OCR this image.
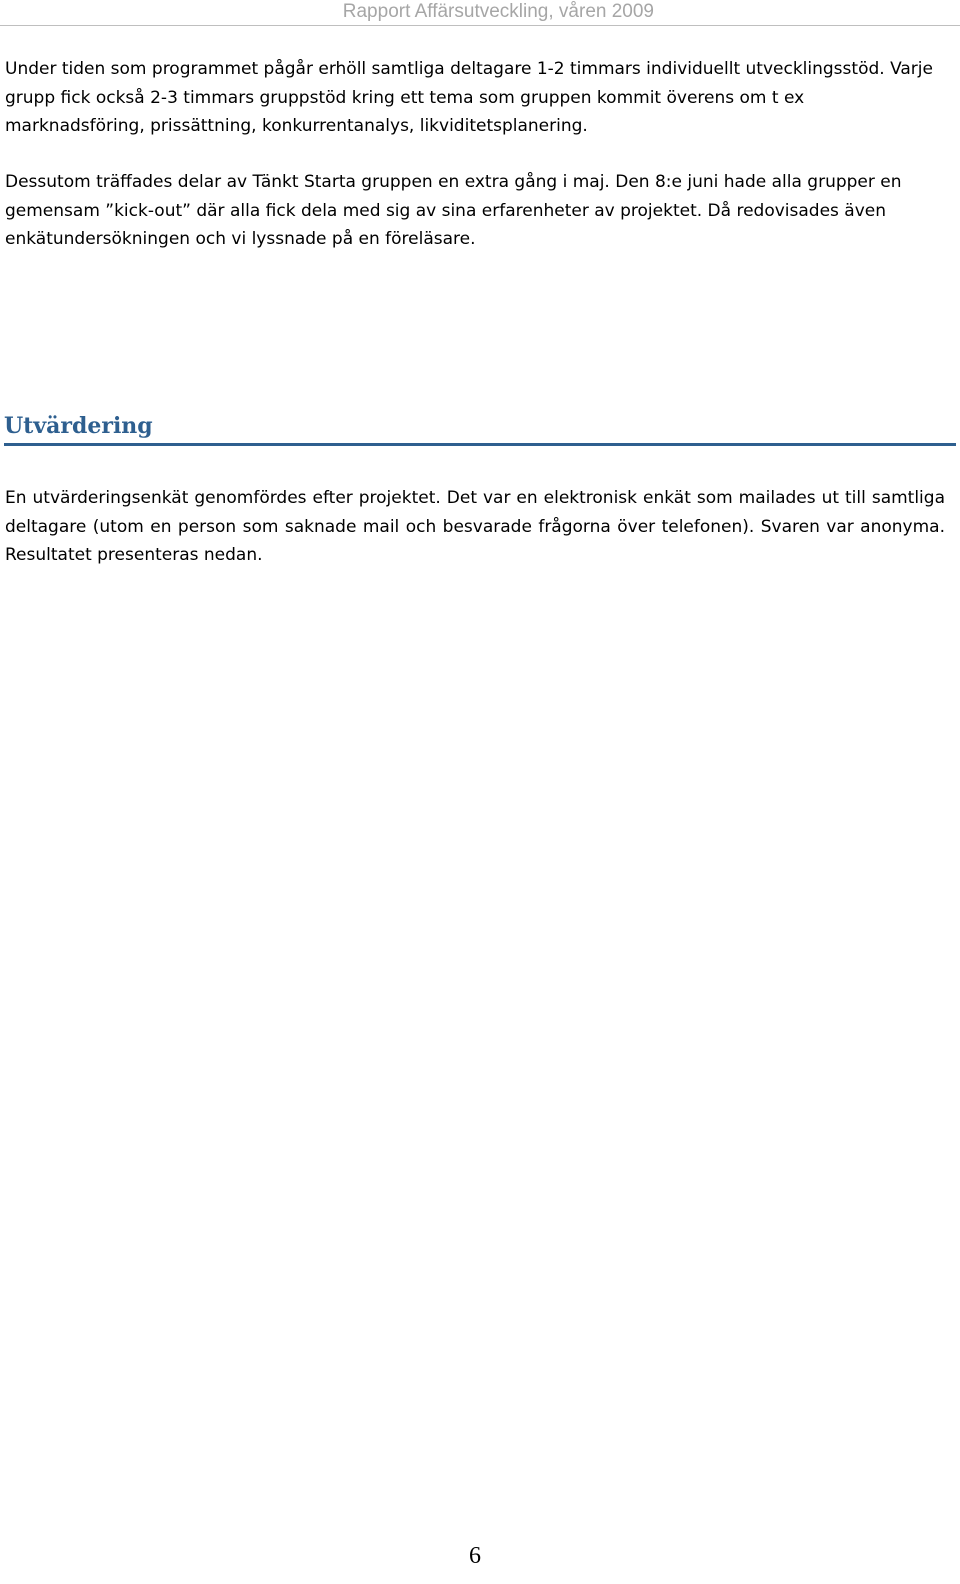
Rapport Affärsutveckling, våren 2009

Under tiden som programmet pågår erhöll samtliga deltagare 1-2 timmars individuellt utvecklingsstöd. Varje grupp fick också 2-3 timmars gruppstöd kring ett tema som gruppen kommit överens om t ex marknadsföring, prissättning, konkurrentanalys, likviditetsplanering.

Dessutom träffades delar av Tänkt Starta gruppen en extra gång i maj. Den 8:e juni hade alla grupper en gemensam ”kick-out” där alla fick dela med sig av sina erfarenheter av projektet. Då redovisades även enkätundersökningen och vi lyssnade på en föreläsare.

Utvärdering

En utvärderingsenkät genomfördes efter projektet. Det var en elektronisk enkät som mailades ut till samtliga deltagare (utom en person som saknade mail och besvarade frågorna över telefonen). Svaren var anonyma. Resultatet presenteras nedan.

6
